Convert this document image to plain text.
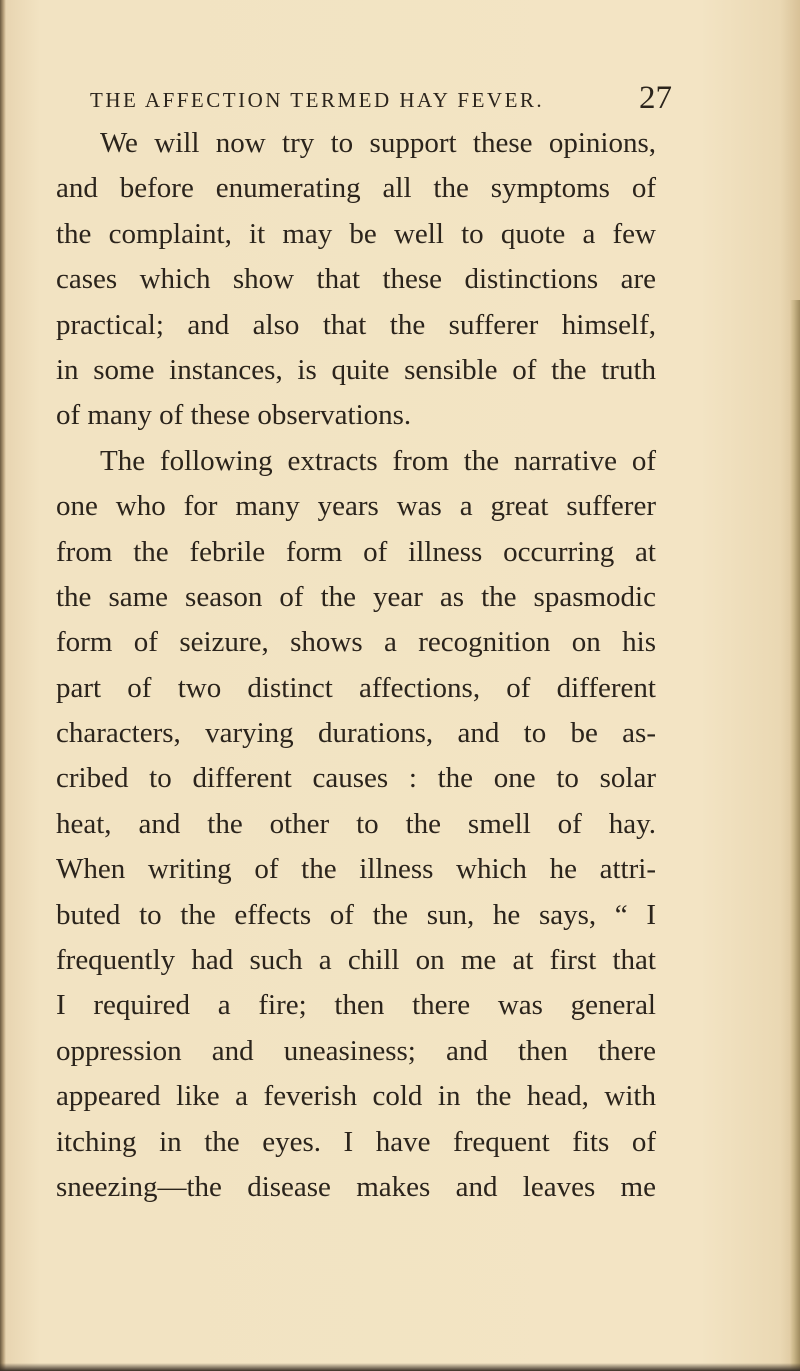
THE AFFECTION TERMED HAY FEVER.	27
We will now try to support these opinions,
and before enumerating all the symptoms of
the complaint, it may be well to quote a few
cases which show that these distinctions are
practical; and also that the sufferer himself,
in some instances, is quite sensible of the truth
of many of these observations.
The following extracts from the narrative of
one who for many years was a great sufferer
from the febrile form of illness occurring at
the same season of the year as the spasmodic
form of seizure, shows a recognition on his
part of two distinct affections, of different
characters, varying durations, and to be as-
cribed to different causes : the one to solar
heat, and the other to the smell of hay.
When writing of the illness which he attri-
buted to the effects of the sun, he says, “ I
frequently had such a chill on me at first that
I required a fire; then there was general
oppression and uneasiness; and then there
appeared like a feverish cold in the head, with
itching in the eyes. I have frequent fits of
sneezing—the disease makes and leaves me
